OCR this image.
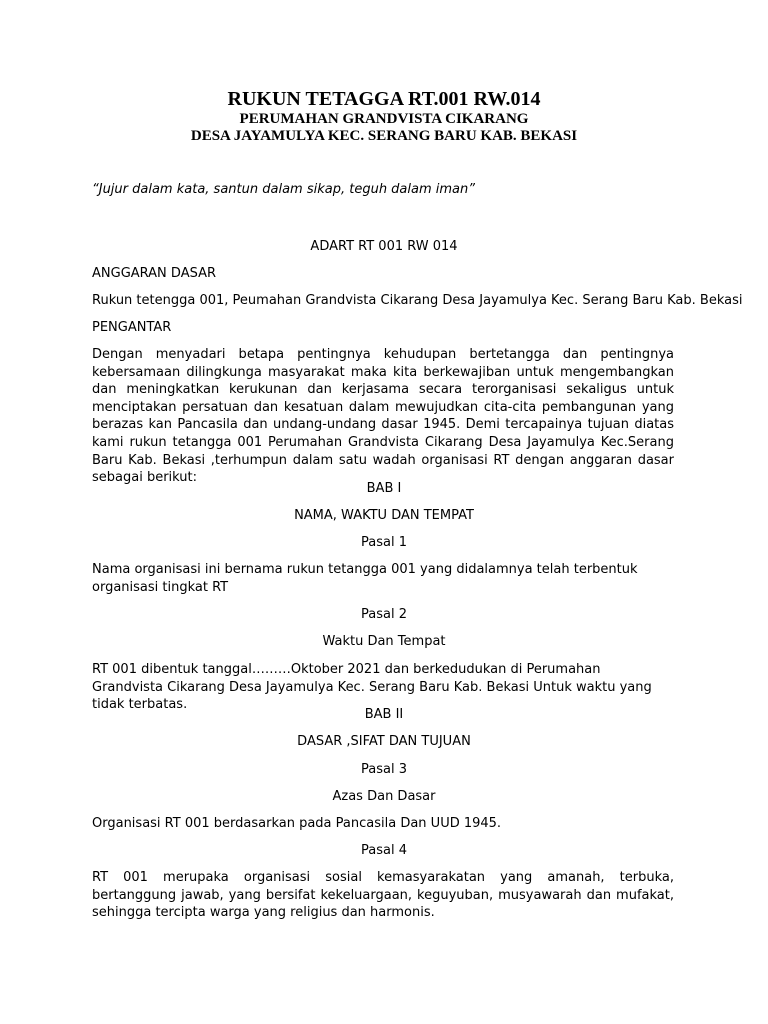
RUKUN TETAGGA RT.001 RW.014
PERUMAHAN GRANDVISTA CIKARANG
DESA JAYAMULYA KEC. SERANG BARU KAB. BEKASI

“Jujur dalam kata, santun dalam sikap, teguh dalam iman”

ADART RT 001 RW 014

ANGGARAN DASAR

Rukun tetengga 001, Peumahan Grandvista Cikarang Desa Jayamulya Kec. Serang Baru Kab. Bekasi

PENGANTAR

Dengan menyadari betapa pentingnya kehudupan bertetangga dan pentingnya kebersamaan dilingkunga masyarakat maka kita berkewajiban untuk mengembangkan dan meningkatkan kerukunan dan kerjasama secara terorganisasi sekaligus untuk menciptakan persatuan dan kesatuan dalam mewujudkan cita-cita pembangunan yang berazas kan Pancasila dan undang-undang dasar 1945. Demi tercapainya tujuan diatas kami rukun tetangga 001 Perumahan Grandvista Cikarang Desa Jayamulya Kec.Serang Baru Kab. Bekasi ,terhumpun dalam satu wadah organisasi RT dengan anggaran dasar sebagai berikut:

BAB I

NAMA, WAKTU DAN TEMPAT

Pasal 1

Nama organisasi ini bernama rukun tetangga 001 yang didalamnya telah terbentuk organisasi tingkat RT

Pasal 2

Waktu Dan Tempat

RT 001 dibentuk tanggal………Oktober 2021 dan berkedudukan di Perumahan Grandvista Cikarang Desa Jayamulya Kec. Serang Baru Kab. Bekasi Untuk waktu yang tidak terbatas.

BAB II

DASAR ,SIFAT DAN TUJUAN

Pasal 3

Azas Dan Dasar

Organisasi RT 001 berdasarkan pada Pancasila Dan UUD 1945.

Pasal 4

RT 001 merupaka organisasi sosial kemasyarakatan yang amanah, terbuka, bertanggung jawab, yang bersifat kekeluargaan, keguyuban, musyawarah dan mufakat, sehingga tercipta warga yang religius dan harmonis.
